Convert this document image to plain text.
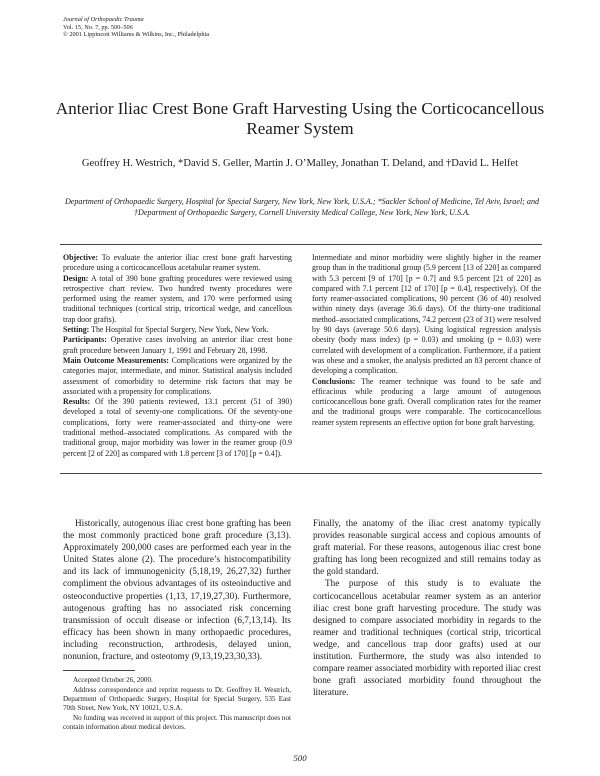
Journal of Orthopaedic Trauma
Vol. 15, No. 7, pp. 500–506
© 2001 Lippincott Williams & Wilkins, Inc., Philadelphia
Anterior Iliac Crest Bone Graft Harvesting Using the Corticocancellous Reamer System
Geoffrey H. Westrich, *David S. Geller, Martin J. O’Malley, Jonathan T. Deland, and †David L. Helfet
Department of Orthopaedic Surgery, Hospital for Special Surgery, New York, New York, U.S.A.; *Sackler School of Medicine, Tel Aviv, Israel; and †Department of Orthopaedic Surgery, Cornell University Medical College, New York, New York, U.S.A.

Objective: To evaluate the anterior iliac crest bone graft harvesting procedure using a corticocancellous acetabular reamer system.

Design: A total of 390 bone grafting procedures were reviewed using retrospective chart review. Two hundred twenty procedures were performed using the reamer system, and 170 were performed using traditional techniques (cortical strip, tricortical wedge, and cancellous trap door grafts).

Setting: The Hospital for Special Surgery, New York, New York.

Participants: Operative cases involving an anterior iliac crest bone graft procedure between January 1, 1991 and February 28, 1998.

Main Outcome Measurements: Complications were organized by the categories major, intermediate, and minor. Statistical analysis included assessment of comorbidity to determine risk factors that may be associated with a propensity for complications.

Results: Of the 390 patients reviewed, 13.1 percent (51 of 390) developed a total of seventy-one complications. Of the seventy-one complications, forty were reamer-associated and thirty-one were traditional method–associated complications. As compared with the traditional group, major morbidity was lower in the reamer group (0.9 percent [2 of 220] as compared with 1.8 percent [3 of 170] [p = 0.4]).

Intermediate and minor morbidity were slightly higher in the reamer group than in the traditional group (5.9 percent [13 of 220] as compared with 5.3 percent [9 of 170] [p = 0.7] and 9.5 percent [21 of 220] as compared with 7.1 percent [12 of 170] [p = 0.4], respectively). Of the forty reamer-associated complications, 90 percent (36 of 40) resolved within ninety days (average 36.6 days). Of the thirty-one traditional method–associated complications, 74.2 percent (23 of 31) were resolved by 90 days (average 50.6 days). Using logistical regression analysis obesity (body mass index) (p = 0.03) and smoking (p = 0.03) were correlated with development of a complication. Furthermore, if a patient was obese and a smoker, the analysis predicted an 83 percent chance of developing a complication.

Conclusions: The reamer technique was found to be safe and efficacious while producing a large amount of autogenous corticocancellous bone graft. Overall complication rates for the reamer and the traditional groups were comparable. The corticocancellous reamer system represents an effective option for bone graft harvesting.

Historically, autogenous iliac crest bone grafting has been the most commonly practiced bone graft procedure (3,13). Approximately 200,000 cases are performed each year in the United States alone (2). The procedure’s histocompatibility and its lack of immunogenicity (5,18,19, 26,27,32) further compliment the obvious advantages of its osteoinductive and osteoconductive properties (1,13, 17,19,27,30). Furthermore, autogenous grafting has no associated risk concerning transmission of occult disease or infection (6,7,13,14). Its efficacy has been shown in many orthopaedic procedures, including reconstruction, arthrodesis, delayed union, nonunion, fracture, and osteotomy (9,13,19,23,30,33).

Finally, the anatomy of the iliac crest anatomy typically provides reasonable surgical access and copious amounts of graft material. For these reasons, autogenous iliac crest bone grafting has long been recognized and still remains today as the gold standard.

The purpose of this study is to evaluate the corticocancellous acetabular reamer system as an anterior iliac crest bone graft harvesting procedure. The study was designed to compare associated morbidity in regards to the reamer and traditional techniques (cortical strip, tricortical wedge, and cancellous trap door grafts) used at our institution. Furthermore, the study was also intended to compare reamer associated morbidity with reported iliac crest bone graft associated morbidity found throughout the literature.

Accepted October 26, 2000.

Address correspondence and reprint requests to Dr. Geoffrey H. Westrich, Department of Orthopaedic Surgery, Hospital for Special Surgery, 535 East 70th Street, New York, NY 10021, U.S.A.

No funding was received in support of this project. This manuscript does not contain information about medical devices.

500
